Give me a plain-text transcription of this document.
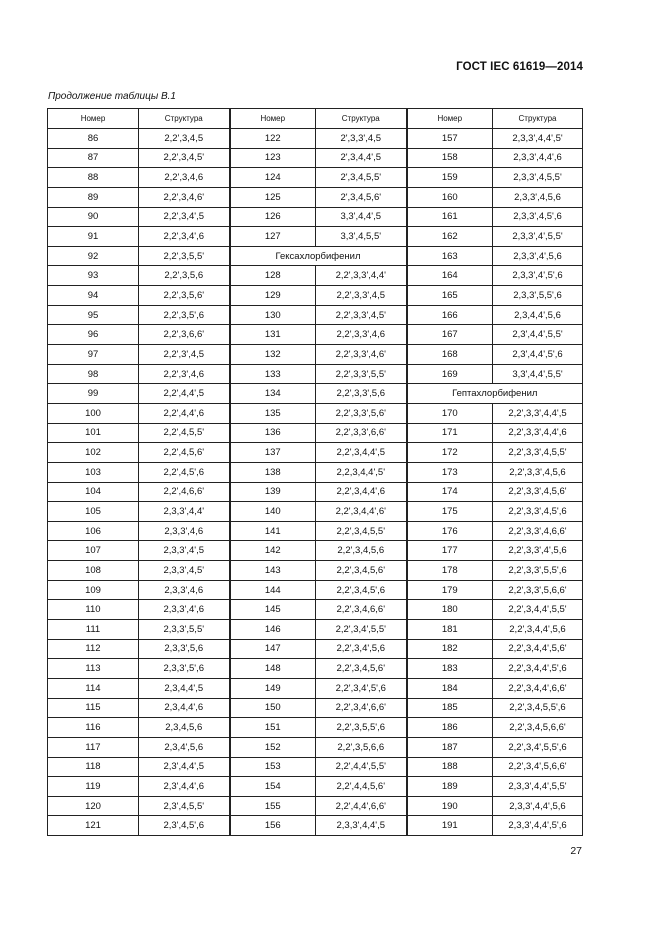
ГОСТ IEC 61619—2014
Продолжение таблицы В.1
Номер	Структура	Номер	Структура	Номер	Структура
86	2,2',3,4,5	122	2',3,3',4,5	157	2,3,3',4,4',5'
87	2,2',3,4,5'	123	2',3,4,4',5	158	2,3,3',4,4',6
88	2,2',3,4,6	124	2',3,4,5,5'	159	2,3,3',4,5,5'
89	2,2',3,4,6'	125	2',3,4,5,6'	160	2,3,3',4,5,6
90	2,2',3,4',5	126	3,3',4,4',5	161	2,3,3',4,5',6
91	2,2',3,4',6	127	3,3',4,5,5'	162	2,3,3',4',5,5'
92	2,2',3,5,5'	Гексахлорбифенил		163	2,3,3',4',5,6
93	2,2',3,5,6	128	2,2',3,3',4,4'	164	2,3,3',4',5',6
94	2,2',3,5,6'	129	2,2',3,3',4,5	165	2,3,3',5,5',6
95	2,2',3,5',6	130	2,2',3,3',4,5'	166	2,3,4,4',5,6
96	2,2',3,6,6'	131	2,2',3,3',4,6	167	2,3',4,4',5,5'
97	2,2',3',4,5	132	2,2',3,3',4,6'	168	2,3',4,4',5',6
98	2,2',3',4,6	133	2,2',3,3',5,5'	169	3,3',4,4',5,5'
99	2,2',4,4',5	134	2,2',3,3',5,6	Гептахлорбифенил	
100	2,2',4,4',6	135	2,2',3,3',5,6'	170	2,2',3,3',4,4',5
101	2,2',4,5,5'	136	2,2',3,3',6,6'	171	2,2',3,3',4,4',6
102	2,2',4,5,6'	137	2,2',3,4,4',5	172	2,2',3,3',4,5,5'
103	2,2',4,5',6	138	2,2,3,4,4',5'	173	2,2',3,3',4,5,6
104	2,2',4,6,6'	139	2,2',3,4,4',6	174	2,2',3,3',4,5,6'
105	2,3,3',4,4'	140	2,2',3,4,4',6'	175	2,2',3,3',4,5',6
106	2,3,3',4,6	141	2,2',3,4,5,5'	176	2,2',3,3',4,6,6'
107	2,3,3',4',5	142	2,2',3,4,5,6	177	2,2',3,3',4',5,6
108	2,3,3',4,5'	143	2,2',3,4,5,6'	178	2,2',3,3',5,5',6
109	2,3,3',4,6	144	2,2',3,4,5',6	179	2,2',3,3',5,6,6'
110	2,3,3',4',6	145	2,2',3,4,6,6'	180	2,2',3,4,4',5,5'
111	2,3,3',5,5'	146	2,2',3,4',5,5'	181	2,2',3,4,4',5,6
112	2,3,3',5,6	147	2,2',3,4',5,6	182	2,2',3,4,4',5,6'
113	2,3,3',5',6	148	2,2',3,4,5,6'	183	2,2',3,4,4',5',6
114	2,3,4,4',5	149	2,2',3,4',5',6	184	2,2',3,4,4',6,6'
115	2,3,4,4',6	150	2,2',3,4',6,6'	185	2,2',3,4,5,5',6
116	2,3,4,5,6	151	2,2',3,5,5',6	186	2,2',3,4,5,6,6'
117	2,3,4',5,6	152	2,2',3,5,6,6	187	2,2',3,4',5,5',6
118	2,3',4,4',5	153	2,2',4,4',5,5'	188	2,2',3,4',5,6,6'
119	2,3',4,4',6	154	2,2',4,4,5,6'	189	2,3,3',4,4',5,5'
120	2,3',4,5,5'	155	2,2',4,4',6,6'	190	2,3,3',4,4',5,6
121	2,3',4,5',6	156	2,3,3',4,4',5	191	2,3,3',4,4',5',6
27
